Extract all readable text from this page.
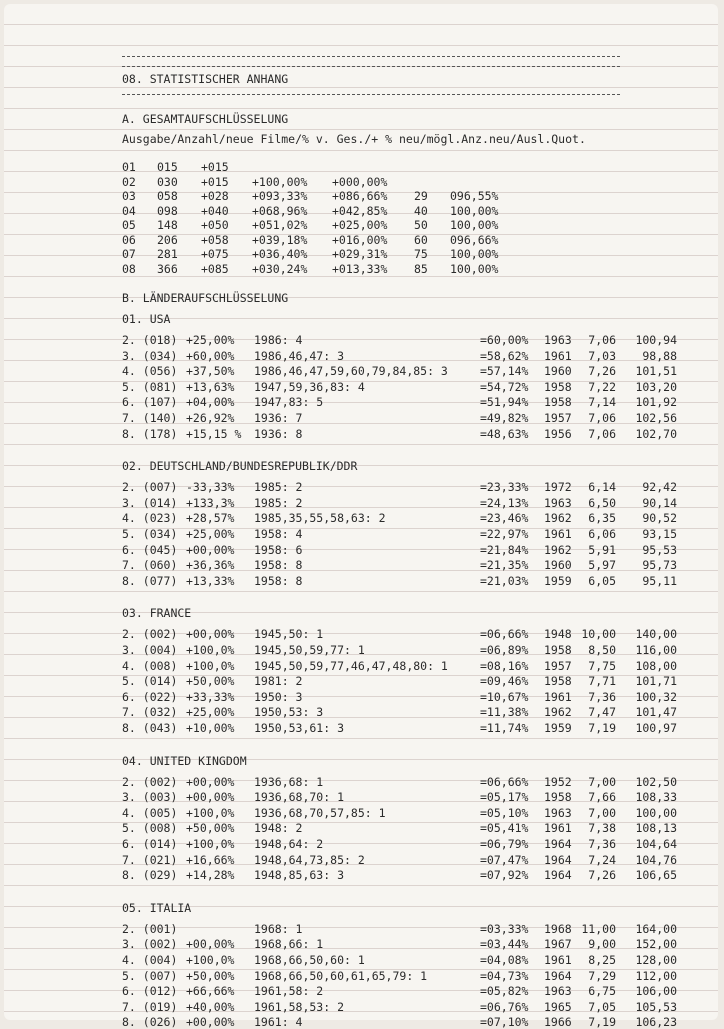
08. STATISTISCHER ANHANG
A. GESAMTAUFSCHLÜSSELUNG
Ausgabe/Anzahl/neue Filme/% v. Ges./+ % neu/mögl.Anz.neu/Ausl.Quot.
B. LÄNDERAUFSCHLÜSSELUNG
01 015 +015
02 030 +015 +100,00% +000,00%
03 058 +028 +093,33% +086,66% 29 096,55%
04 098 +040 +068,96% +042,85% 40 100,00%
05 148 +050 +051,02% +025,00% 50 100,00%
06 206 +058 +039,18% +016,00% 60 096,66%
07 281 +075 +036,40% +029,31% 75 100,00%
08 366 +085 +030,24% +013,33% 85 100,00%
01. USA
2. (018) +25,00% 1986: 4	=60,00% 1963 7,06 100,94
3. (034) +60,00% 1986,46,47: 3	=58,62% 1961 7,03 98,88
4. (056) +37,50% 1986,46,47,59,60,79,84,85: 3	=57,14% 1960 7,26 101,51
5. (081) +13,63% 1947,59,36,83: 4	=54,72% 1958 7,22 103,20
6. (107) +04,00% 1947,83: 5	=51,94% 1958 7,14 101,92
7. (140) +26,92% 1936: 7	=49,82% 1957 7,06 102,56
8. (178) +15,15 % 1936: 8	=48,63% 1956 7,06 102,70
02. DEUTSCHLAND/BUNDESREPUBLIK/DDR
2. (007) -33,33% 1985: 2	=23,33% 1972 6,14 92,42
3. (014) +133,3% 1985: 2	=24,13% 1963 6,50 90,14
4. (023) +28,57% 1985,35,55,58,63: 2	=23,46% 1962 6,35 90,52
5. (034) +25,00% 1958: 4	=22,97% 1961 6,06 93,15
6. (045) +00,00% 1958: 6	=21,84% 1962 5,91 95,53
7. (060) +36,36% 1958: 8	=21,35% 1960 5,97 95,73
8. (077) +13,33% 1958: 8	=21,03% 1959 6,05 95,11
03. FRANCE
2. (002) +00,00% 1945,50: 1	=06,66% 1948 10,00 140,00
3. (004) +100,0% 1945,50,59,77: 1	=06,89% 1958 8,50 116,00
4. (008) +100,0% 1945,50,59,77,46,47,48,80: 1	=08,16% 1957 7,75 108,00
5. (014) +50,00% 1981: 2	=09,46% 1958 7,71 101,71
6. (022) +33,33% 1950: 3	=10,67% 1961 7,36 100,32
7. (032) +25,00% 1950,53: 3	=11,38% 1962 7,47 101,47
8. (043) +10,00% 1950,53,61: 3	=11,74% 1959 7,19 100,97
04. UNITED KINGDOM
2. (002) +00,00% 1936,68: 1	=06,66% 1952 7,00 102,50
3. (003) +00,00% 1936,68,70: 1	=05,17% 1958 7,66 108,33
4. (005) +100,0% 1936,68,70,57,85: 1	=05,10% 1963 7,00 100,00
5. (008) +50,00% 1948: 2	=05,41% 1961 7,38 108,13
6. (014) +100,0% 1948,64: 2	=06,79% 1964 7,36 104,64
7. (021) +16,66% 1948,64,73,85: 2	=07,47% 1964 7,24 104,76
8. (029) +14,28% 1948,85,63: 3	=07,92% 1964 7,26 106,65
05. ITALIA
2. (001)	1968: 1	=03,33% 1968 11,00 164,00
3. (002) +00,00% 1968,66: 1	=03,44% 1967 9,00 152,00
4. (004) +100,0% 1968,66,50,60: 1	=04,08% 1961 8,25 128,00
5. (007) +50,00% 1968,66,50,60,61,65,79: 1	=04,73% 1964 7,29 112,00
6. (012) +66,66% 1961,58: 2	=05,82% 1963 6,75 106,00
7. (019) +40,00% 1961,58,53: 2	=06,76% 1965 7,05 105,53
8. (026) +00,00% 1961: 4	=07,10% 1966 7,19 106,23
